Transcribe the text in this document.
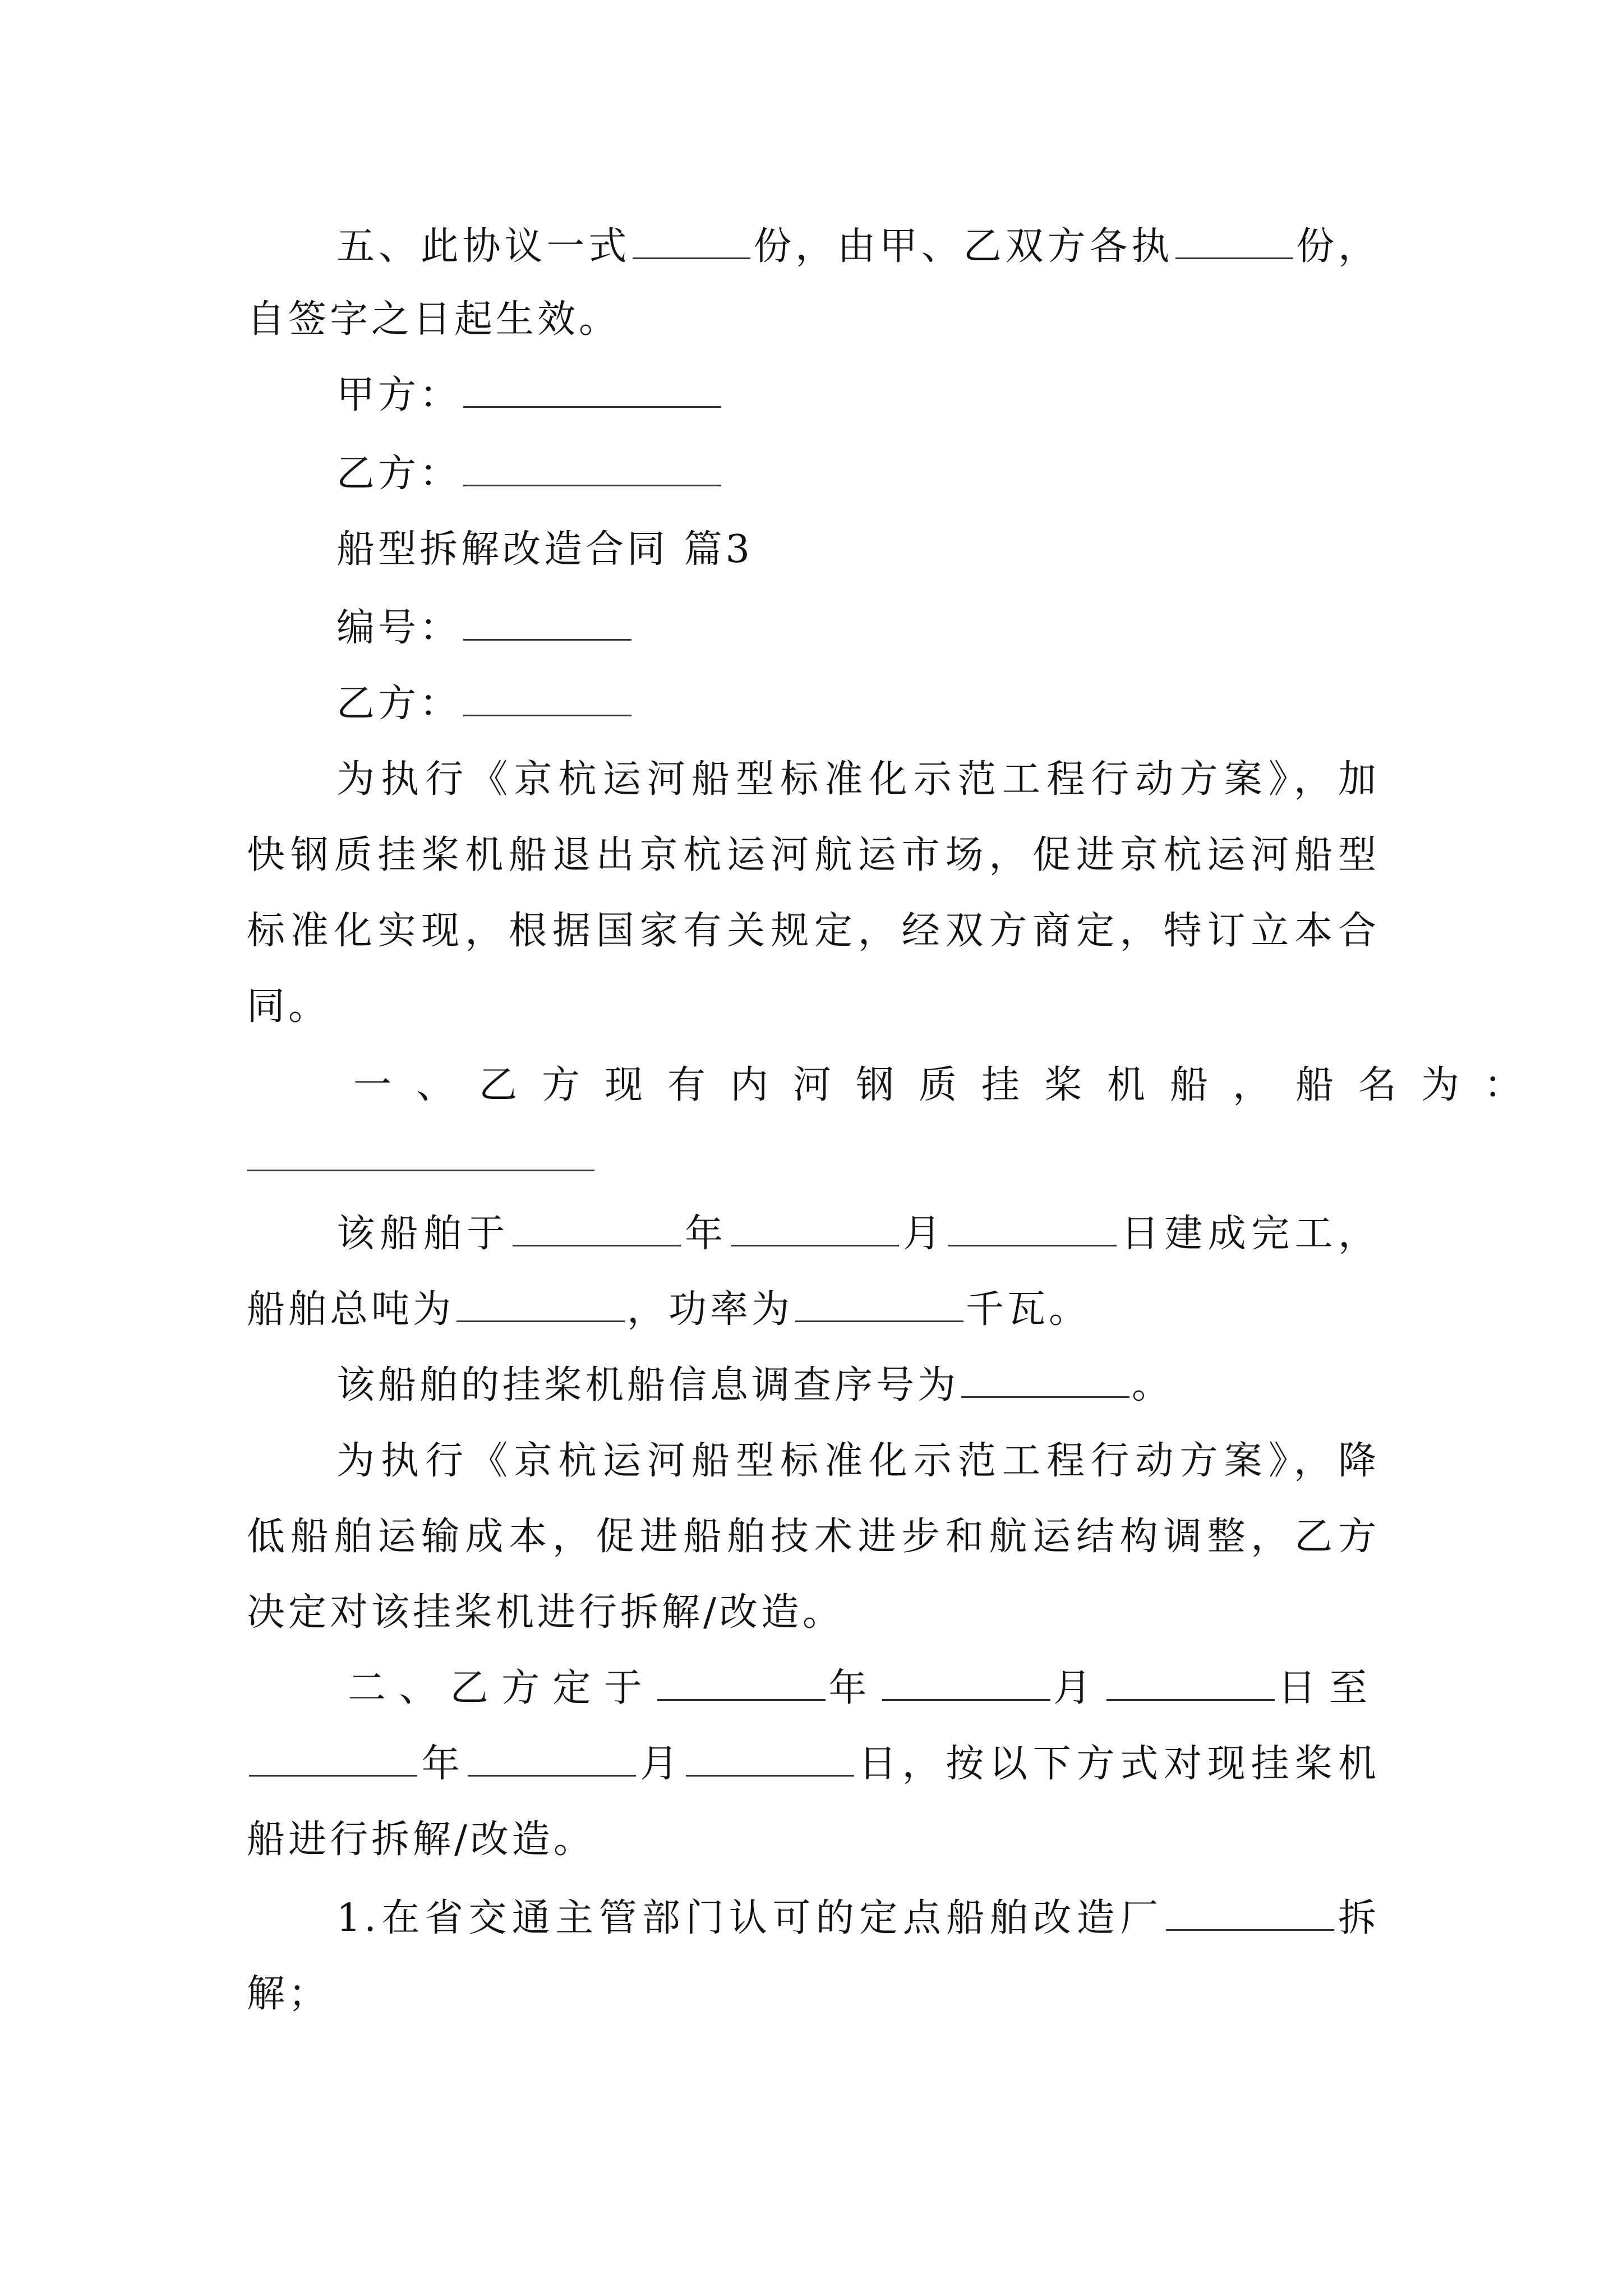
五、此协议一式	份，由甲、乙双方各执	份，
自签字之日起生效。
甲方：
乙方：
船型拆解改造合同 篇3
编号：
乙方：
为执行《京杭运河船型标准化示范工程行动方案》，加
快钢质挂桨机船退出京杭运河航运市场，促进京杭运河船型
标准化实现，根据国家有关规定，经双方商定，特订立本合
同。
一、乙方现有内河钢质挂桨机船，船名为：
该船舶于	年	月	日建成完工，
船舶总吨为	，功率为	千瓦。
该船舶的挂桨机船信息调查序号为	。
为执行《京杭运河船型标准化示范工程行动方案》，降
低船舶运输成本，促进船舶技术进步和航运结构调整，乙方
决定对该挂桨机进行拆解/改造。
二、乙方定于	年	月	日至
年	月	日，按以下方式对现挂桨机
船进行拆解/改造。
1.在省交通主管部门认可的定点船舶改造厂	拆
解；
